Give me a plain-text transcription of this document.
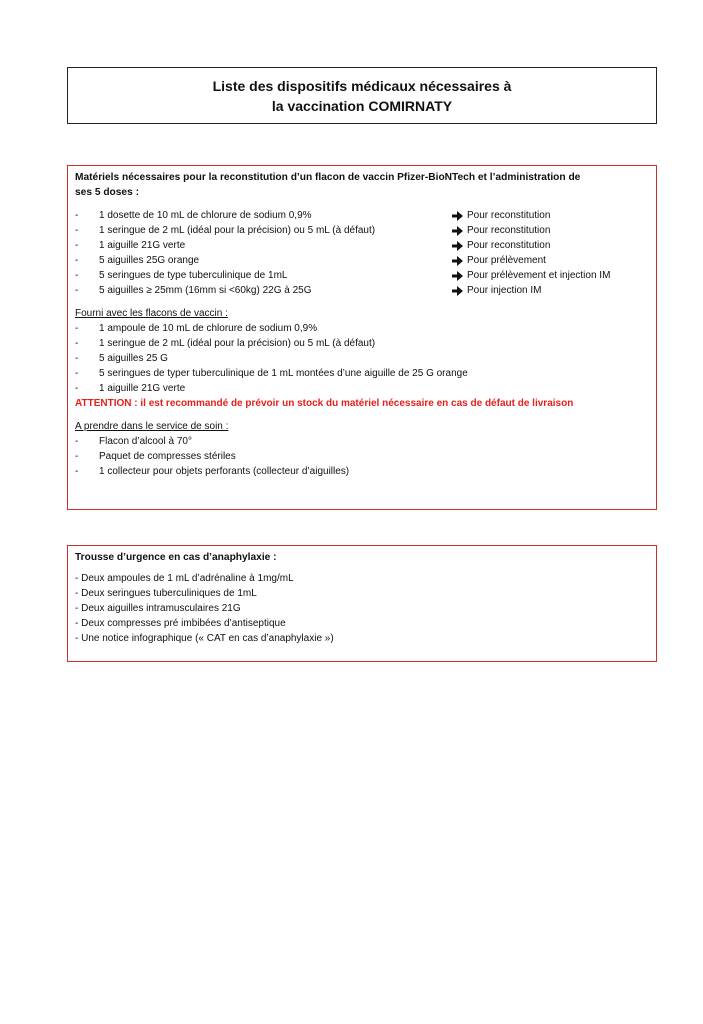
Liste des dispositifs médicaux nécessaires à
la vaccination COMIRNATY
Matériels nécessaires pour la reconstitution d’un flacon de vaccin Pfizer-BioNTech et l’administration de
ses 5 doses :
-	1 dosette de 10 mL de chlorure de sodium 0,9%	Pour reconstitution
-	1 seringue de 2 mL (idéal pour la précision) ou 5 mL (à défaut)	Pour reconstitution
-	1 aiguille 21G verte	Pour reconstitution
-	5 aiguilles 25G orange	Pour prélèvement
-	5 seringues de type tuberculinique de 1mL	Pour prélèvement et injection IM
-	5 aiguilles ≥ 25mm (16mm si <60kg) 22G à 25G	Pour injection IM
Fourni avec les flacons de vaccin :
-	1 ampoule de 10 mL de chlorure de sodium 0,9%
-	1 seringue de 2 mL (idéal pour la précision) ou 5 mL (à défaut)
-	5 aiguilles 25 G
-	5 seringues de typer tuberculinique de 1 mL montées d’une aiguille de 25 G orange
-	1 aiguille 21G verte
ATTENTION : il est recommandé de prévoir un stock du matériel nécessaire en cas de défaut de livraison
A prendre dans le service de soin :
-	Flacon d’alcool à 70°
-	Paquet de compresses stériles
-	1 collecteur pour objets perforants (collecteur d’aiguilles)
Trousse d’urgence en cas d’anaphylaxie :
- Deux ampoules de 1 mL d’adrénaline à 1mg/mL
- Deux seringues tuberculiniques de 1mL
- Deux aiguilles intramusculaires 21G
- Deux compresses pré imbibées d’antiseptique
- Une notice infographique (« CAT en cas d’anaphylaxie »)
